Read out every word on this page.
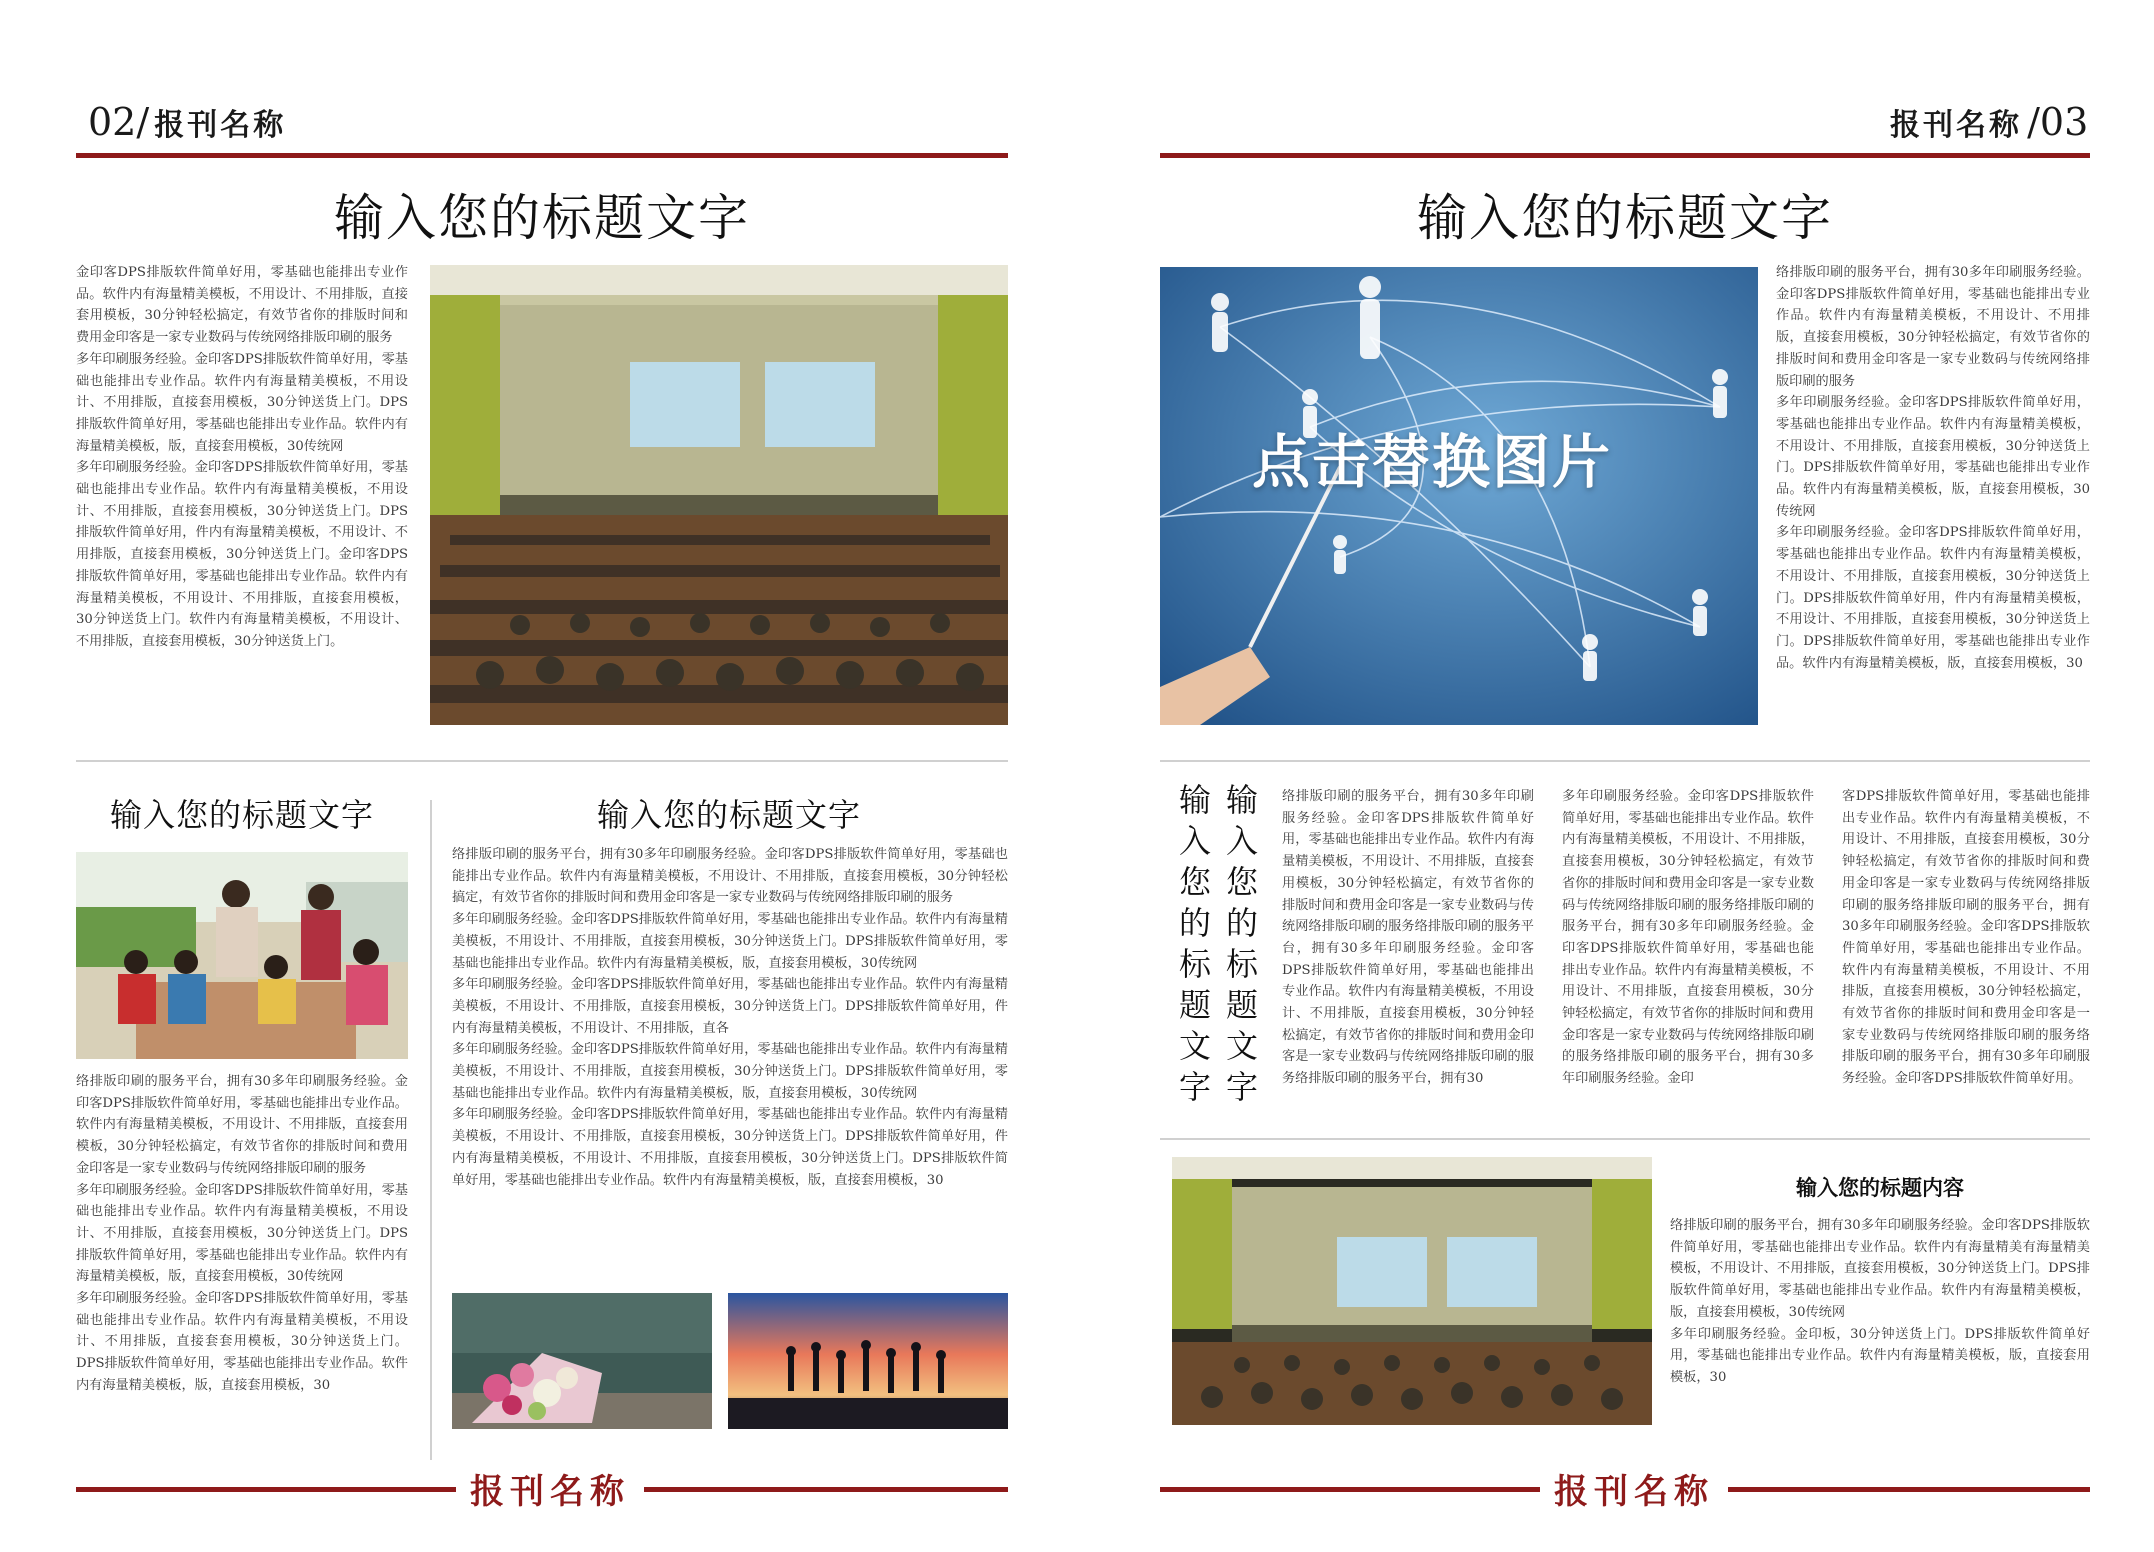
02/ 报刊名称
输入您的标题文字

金印客DPS排版软件简单好用，零基础也能排出专业作品。软件内有海量精美模板，不用设计、不用排版，直接套用模板，30分钟轻松搞定，有效节省你的排版时间和费用金印客是一家专业数码与传统网络排版印刷的服务

多年印刷服务经验。金印客DPS排版软件简单好用，零基础也能排出专业作品。软件内有海量精美模板，不用设计、不用排版，直接套用模板，30分钟送货上门。DPS排版软件简单好用，零基础也能排出专业作品。软件内有海量精美模板，版，直接套用模板，30传统网

多年印刷服务经验。金印客DPS排版软件简单好用，零基础也能排出专业作品。软件内有海量精美模板，不用设计、不用排版，直接套用模板，30分钟送货上门。DPS排版软件简单好用，件内有海量精美模板，不用设计、不用排版，直接套用模板，30分钟送货上门。金印客DPS排版软件简单好用，零基础也能排出专业作品。软件内有海量精美模板，不用设计、不用排版，直接套用模板，30分钟送货上门。软件内有海量精美模板，不用设计、不用排版，直接套用模板，30分钟送货上门。

输入您的标题文字

络排版印刷的服务平台，拥有30多年印刷服务经验。金印客DPS排版软件简单好用，零基础也能排出专业作品。软件内有海量精美模板，不用设计、不用排版，直接套用模板，30分钟轻松搞定，有效节省你的排版时间和费用金印客是一家专业数码与传统网络排版印刷的服务

多年印刷服务经验。金印客DPS排版软件简单好用，零基础也能排出专业作品。软件内有海量精美模板，不用设计、不用排版，直接套用模板，30分钟送货上门。DPS排版软件简单好用，零基础也能排出专业作品。软件内有海量精美模板，版，直接套用模板，30传统网

多年印刷服务经验。金印客DPS排版软件简单好用，零基础也能排出专业作品。软件内有海量精美模板，不用设计、不用排版，直接套套用模板，30分钟送货上门。DPS排版软件简单好用，零基础也能排出专业作品。软件内有海量精美模板，版，直接套用模板，30

输入您的标题文字

络排版印刷的服务平台，拥有30多年印刷服务经验。金印客DPS排版软件简单好用，零基础也能排出专业作品。软件内有海量精美模板，不用设计、不用排版，直接套用模板，30分钟轻松搞定，有效节省你的排版时间和费用金印客是一家专业数码与传统网络排版印刷的服务

多年印刷服务经验。金印客DPS排版软件简单好用，零基础也能排出专业作品。软件内有海量精美模板，不用设计、不用排版，直接套用模板，30分钟送货上门。DPS排版软件简单好用，零基础也能排出专业作品。软件内有海量精美模板，版，直接套用模板，30传统网

多年印刷服务经验。金印客DPS排版软件简单好用，零基础也能排出专业作品。软件内有海量精美模板，不用设计、不用排版，直接套用模板，30分钟送货上门。DPS排版软件简单好用，件内有海量精美模板，不用设计、不用排版，直各

多年印刷服务经验。金印客DPS排版软件简单好用，零基础也能排出专业作品。软件内有海量精美模板，不用设计、不用排版，直接套用模板，30分钟送货上门。DPS排版软件简单好用，零基础也能排出专业作品。软件内有海量精美模板，版，直接套用模板，30传统网

多年印刷服务经验。金印客DPS排版软件简单好用，零基础也能排出专业作品。软件内有海量精美模板，不用设计、不用排版，直接套用模板，30分钟送货上门。DPS排版软件简单好用，件内有海量精美模板，不用设计、不用排版，直接套用模板，30分钟送货上门。DPS排版软件简单好用，零基础也能排出专业作品。软件内有海量精美模板，版，直接套用模板，30

报刊名称
报刊名称 /03
输入您的标题文字
点击替换图片

络排版印刷的服务平台，拥有30多年印刷服务经验。金印客DPS排版软件简单好用，零基础也能排出专业作品。软件内有海量精美模板，不用设计、不用排版，直接套用模板，30分钟轻松搞定，有效节省你的排版时间和费用金印客是一家专业数码与传统网络排版印刷的服务

多年印刷服务经验。金印客DPS排版软件简单好用，零基础也能排出专业作品。软件内有海量精美模板，不用设计、不用排版，直接套用模板，30分钟送货上门。DPS排版软件简单好用，零基础也能排出专业作品。软件内有海量精美模板，版，直接套用模板，30传统网

多年印刷服务经验。金印客DPS排版软件简单好用，零基础也能排出专业作品。软件内有海量精美模板，不用设计、不用排版，直接套用模板，30分钟送货上门。DPS排版软件简单好用，件内有海量精美模板，不用设计、不用排版，直接套用模板，30分钟送货上门。DPS排版软件简单好用，零基础也能排出专业作品。软件内有海量精美模板，版，直接套用模板，30

输入您的标题文字
输入您的标题文字

络排版印刷的服务平台，拥有30多年印刷服务经验。金印客DPS排版软件简单好用，零基础也能排出专业作品。软件内有海量精美模板，不用设计、不用排版，直接套用模板，30分钟轻松搞定，有效节省你的排版时间和费用金印客是一家专业数码与传统网络排版印刷的服务络排版印刷的服务平台，拥有30多年印刷服务经验。金印客DPS排版软件简单好用，零基础也能排出专业作品。软件内有海量精美模板，不用设计、不用排版，直接套用模板，30分钟轻松搞定，有效节省你的排版时间和费用金印客是一家专业数码与传统网络排版印刷的服务络排版印刷的服务平台，拥有30

多年印刷服务经验。金印客DPS排版软件简单好用，零基础也能排出专业作品。软件内有海量精美模板，不用设计、不用排版，直接套用模板，30分钟轻松搞定，有效节省你的排版时间和费用金印客是一家专业数码与传统网络排版印刷的服务络排版印刷的服务平台，拥有30多年印刷服务经验。金印客DPS排版软件简单好用，零基础也能排出专业作品。软件内有海量精美模板，不用设计、不用排版，直接套用模板，30分钟轻松搞定，有效节省你的排版时间和费用金印客是一家专业数码与传统网络排版印刷的服务络排版印刷的服务平台，拥有30多年印刷服务经验。金印

客DPS排版软件简单好用，零基础也能排出专业作品。软件内有海量精美模板，不用设计、不用排版，直接套用模板，30分钟轻松搞定，有效节省你的排版时间和费用金印客是一家专业数码与传统网络排版印刷的服务络排版印刷的服务平台，拥有30多年印刷服务经验。金印客DPS排版软件简单好用，零基础也能排出专业作品。软件内有海量精美模板，不用设计、不用排版，直接套用模板，30分钟轻松搞定，有效节省你的排版时间和费用金印客是一家专业数码与传统网络排版印刷的服务络排版印刷的服务平台，拥有30多年印刷服务经验。金印客DPS排版软件简单好用。

输入您的标题内容

络排版印刷的服务平台，拥有30多年印刷服务经验。金印客DPS排版软件简单好用，零基础也能排出专业作品。软件内有海量精美有海量精美模板，不用设计、不用排版，直接套用模板，30分钟送货上门。DPS排版软件简单好用，零基础也能排出专业作品。软件内有海量精美模板，版，直接套用模板，30传统网

多年印刷服务经验。金印板，30分钟送货上门。DPS排版软件简单好用，零基础也能排出专业作品。软件内有海量精美模板，版，直接套用模板，30

报刊名称
